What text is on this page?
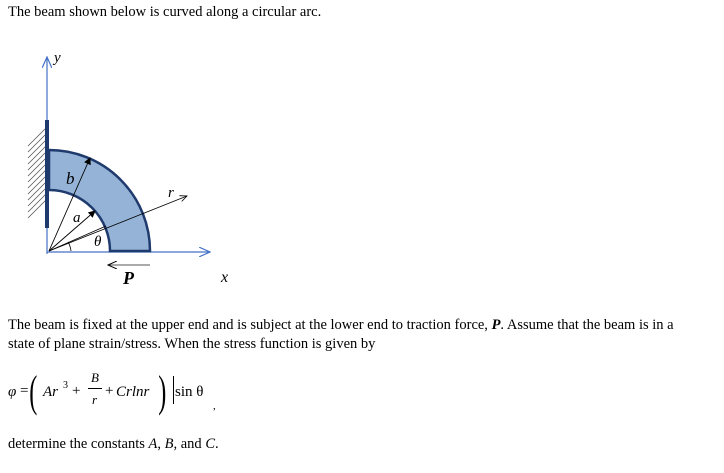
The beam shown below is curved along a circular arc.
y
b
a
r
θ
P	x
The beam is fixed at the upper end and is subject at the lower end to traction force, P. Assume that the beam is in a state of plane strain/stress. When the stress function is given by
φ = ( Ar 3 +
B
r
+ Crlnr ) sin θ
,
determine the constants A, B, and C.
